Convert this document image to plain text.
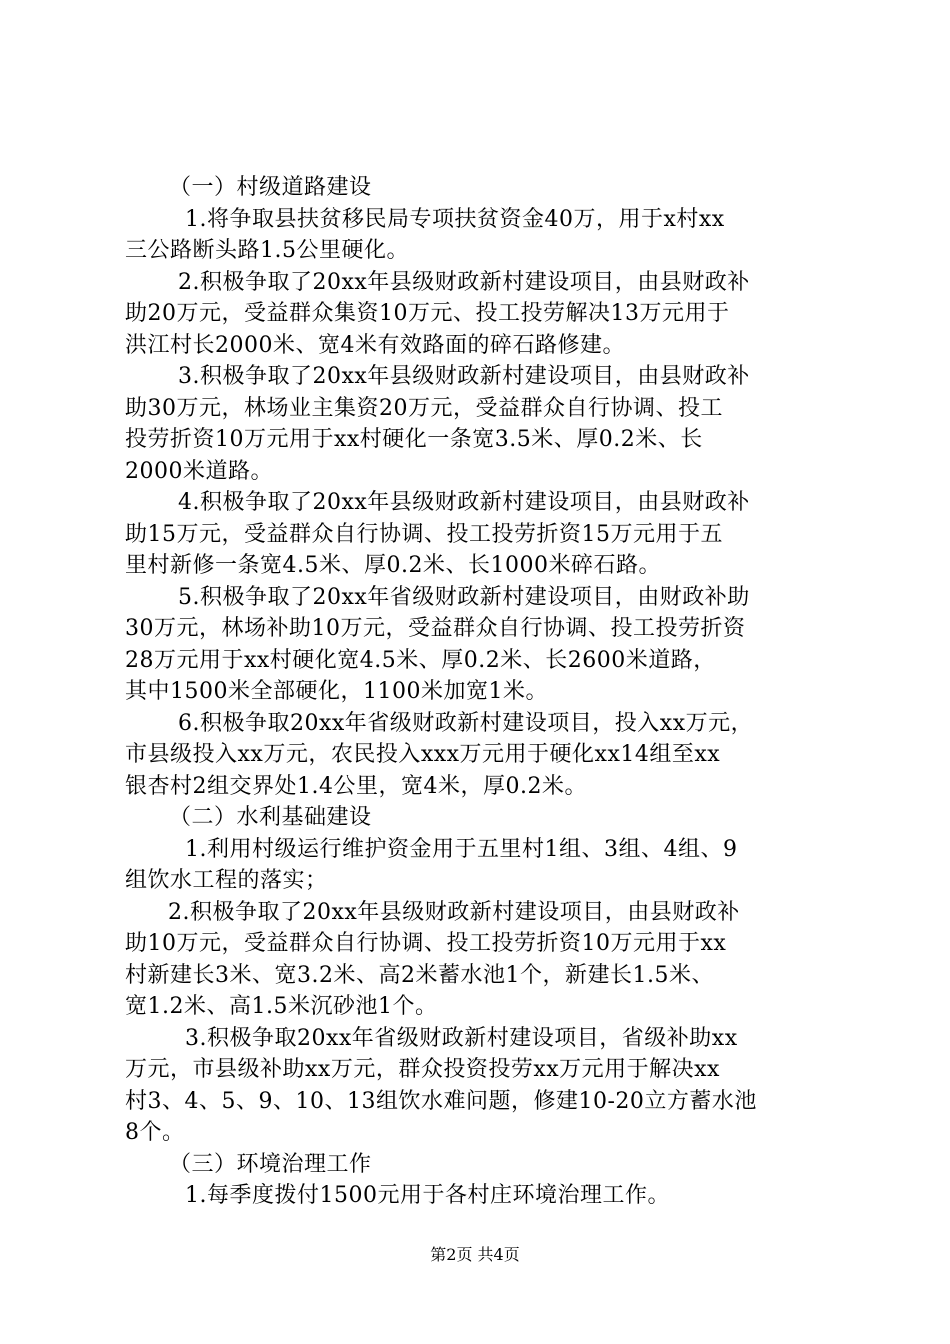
（一）村级道路建设
1.将争取县扶贫移民局专项扶贫资金40万，用于x村xx
三公路断头路1.5公里硬化。
2.积极争取了20xx年县级财政新村建设项目，由县财政补
助20万元，受益群众集资10万元、投工投劳解决13万元用于
洪江村长2000米、宽4米有效路面的碎石路修建。
3.积极争取了20xx年县级财政新村建设项目，由县财政补
助30万元，林场业主集资20万元，受益群众自行协调、投工
投劳折资10万元用于xx村硬化一条宽3.5米、厚0.2米、长
2000米道路。
4.积极争取了20xx年县级财政新村建设项目，由县财政补
助15万元，受益群众自行协调、投工投劳折资15万元用于五
里村新修一条宽4.5米、厚0.2米、长1000米碎石路。
5.积极争取了20xx年省级财政新村建设项目，由财政补助
30万元，林场补助10万元，受益群众自行协调、投工投劳折资
28万元用于xx村硬化宽4.5米、厚0.2米、长2600米道路，
其中1500米全部硬化，1100米加宽1米。
6.积极争取20xx年省级财政新村建设项目，投入xx万元，
市县级投入xx万元，农民投入xxx万元用于硬化xx14组至xx
银杏村2组交界处1.4公里，宽4米，厚0.2米。
（二）水利基础建设
1.利用村级运行维护资金用于五里村1组、3组、4组、9
组饮水工程的落实；
2.积极争取了20xx年县级财政新村建设项目，由县财政补
助10万元，受益群众自行协调、投工投劳折资10万元用于xx
村新建长3米、宽3.2米、高2米蓄水池1个，新建长1.5米、
宽1.2米、高1.5米沉砂池1个。
3.积极争取20xx年省级财政新村建设项目，省级补助xx
万元，市县级补助xx万元，群众投资投劳xx万元用于解决xx
村3、4、5、9、10、13组饮水难问题，修建10-20立方蓄水池
8个。
（三）环境治理工作
1.每季度拨付1500元用于各村庄环境治理工作。
第2页 共4页
